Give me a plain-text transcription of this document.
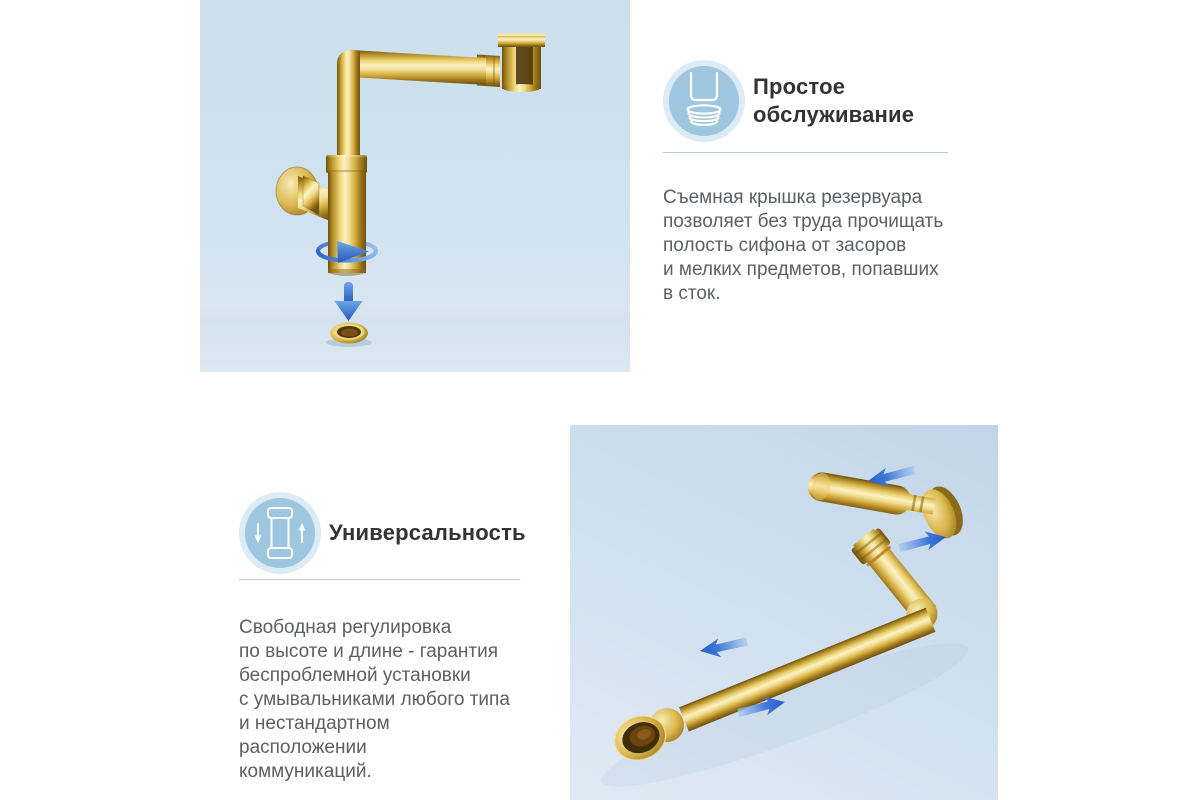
Простое
обслуживание

Съемная крышка резервуара
позволяет без труда прочищать
полость сифона от засоров
и мелких предметов, попавших
в сток.

Универсальность

Свободная регулировка
по высоте и длине - гарантия
беспроблемной установки
с умывальниками любого типа
и нестандартном расположении
коммуникаций.
